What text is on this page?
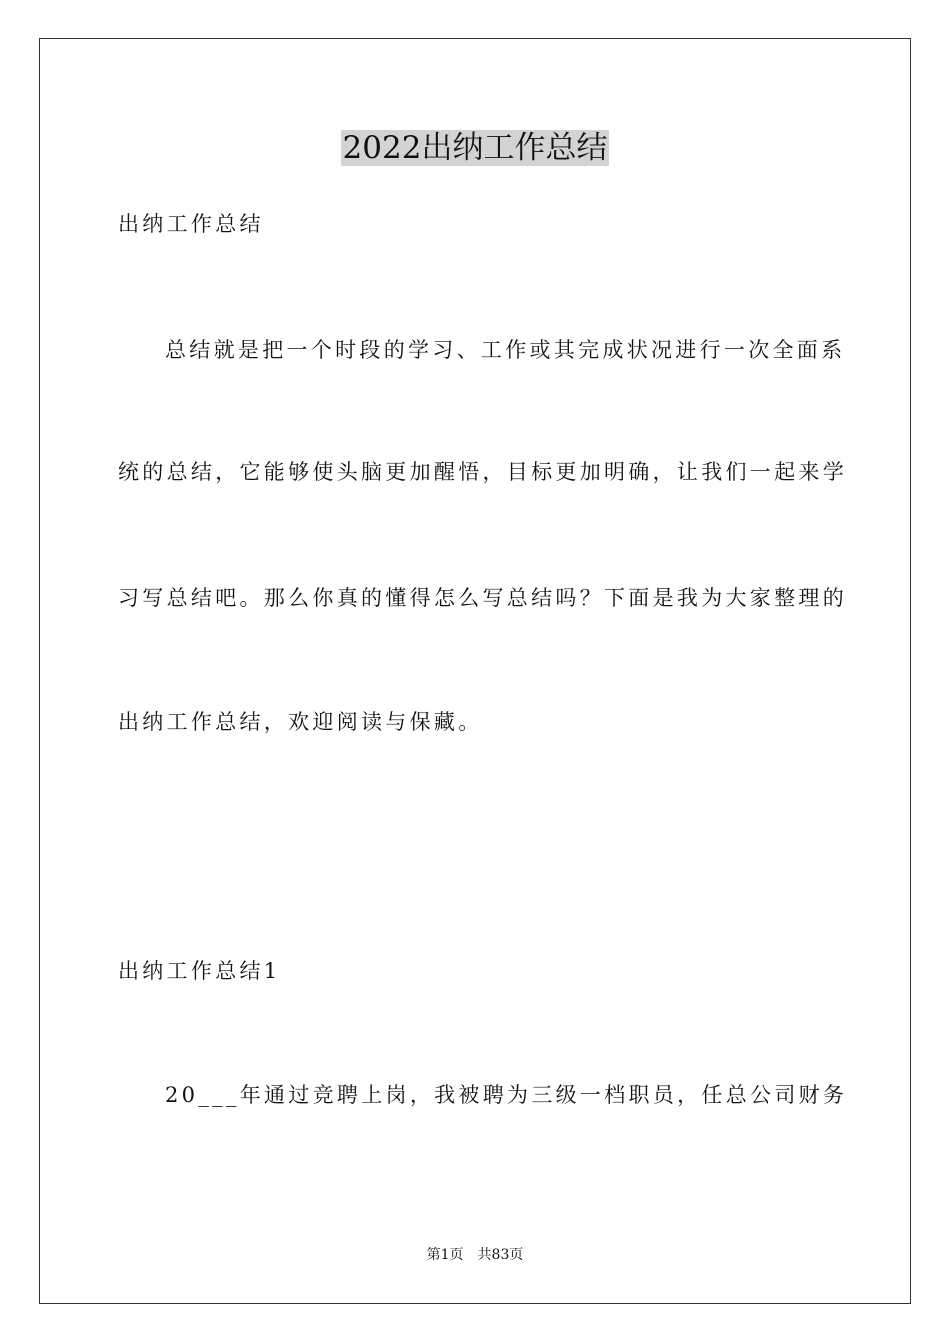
2022出纳工作总结
出纳工作总结
总结就是把一个时段的学习、工作或其完成状况进行一次全面系
统的总结，它能够使头脑更加醒悟，目标更加明确，让我们一起来学
习写总结吧。那么你真的懂得怎么写总结吗？下面是我为大家整理的
出纳工作总结，欢迎阅读与保藏。
出纳工作总结1
20___年通过竞聘上岗，我被聘为三级一档职员，任总公司财务
第1页 共83页
